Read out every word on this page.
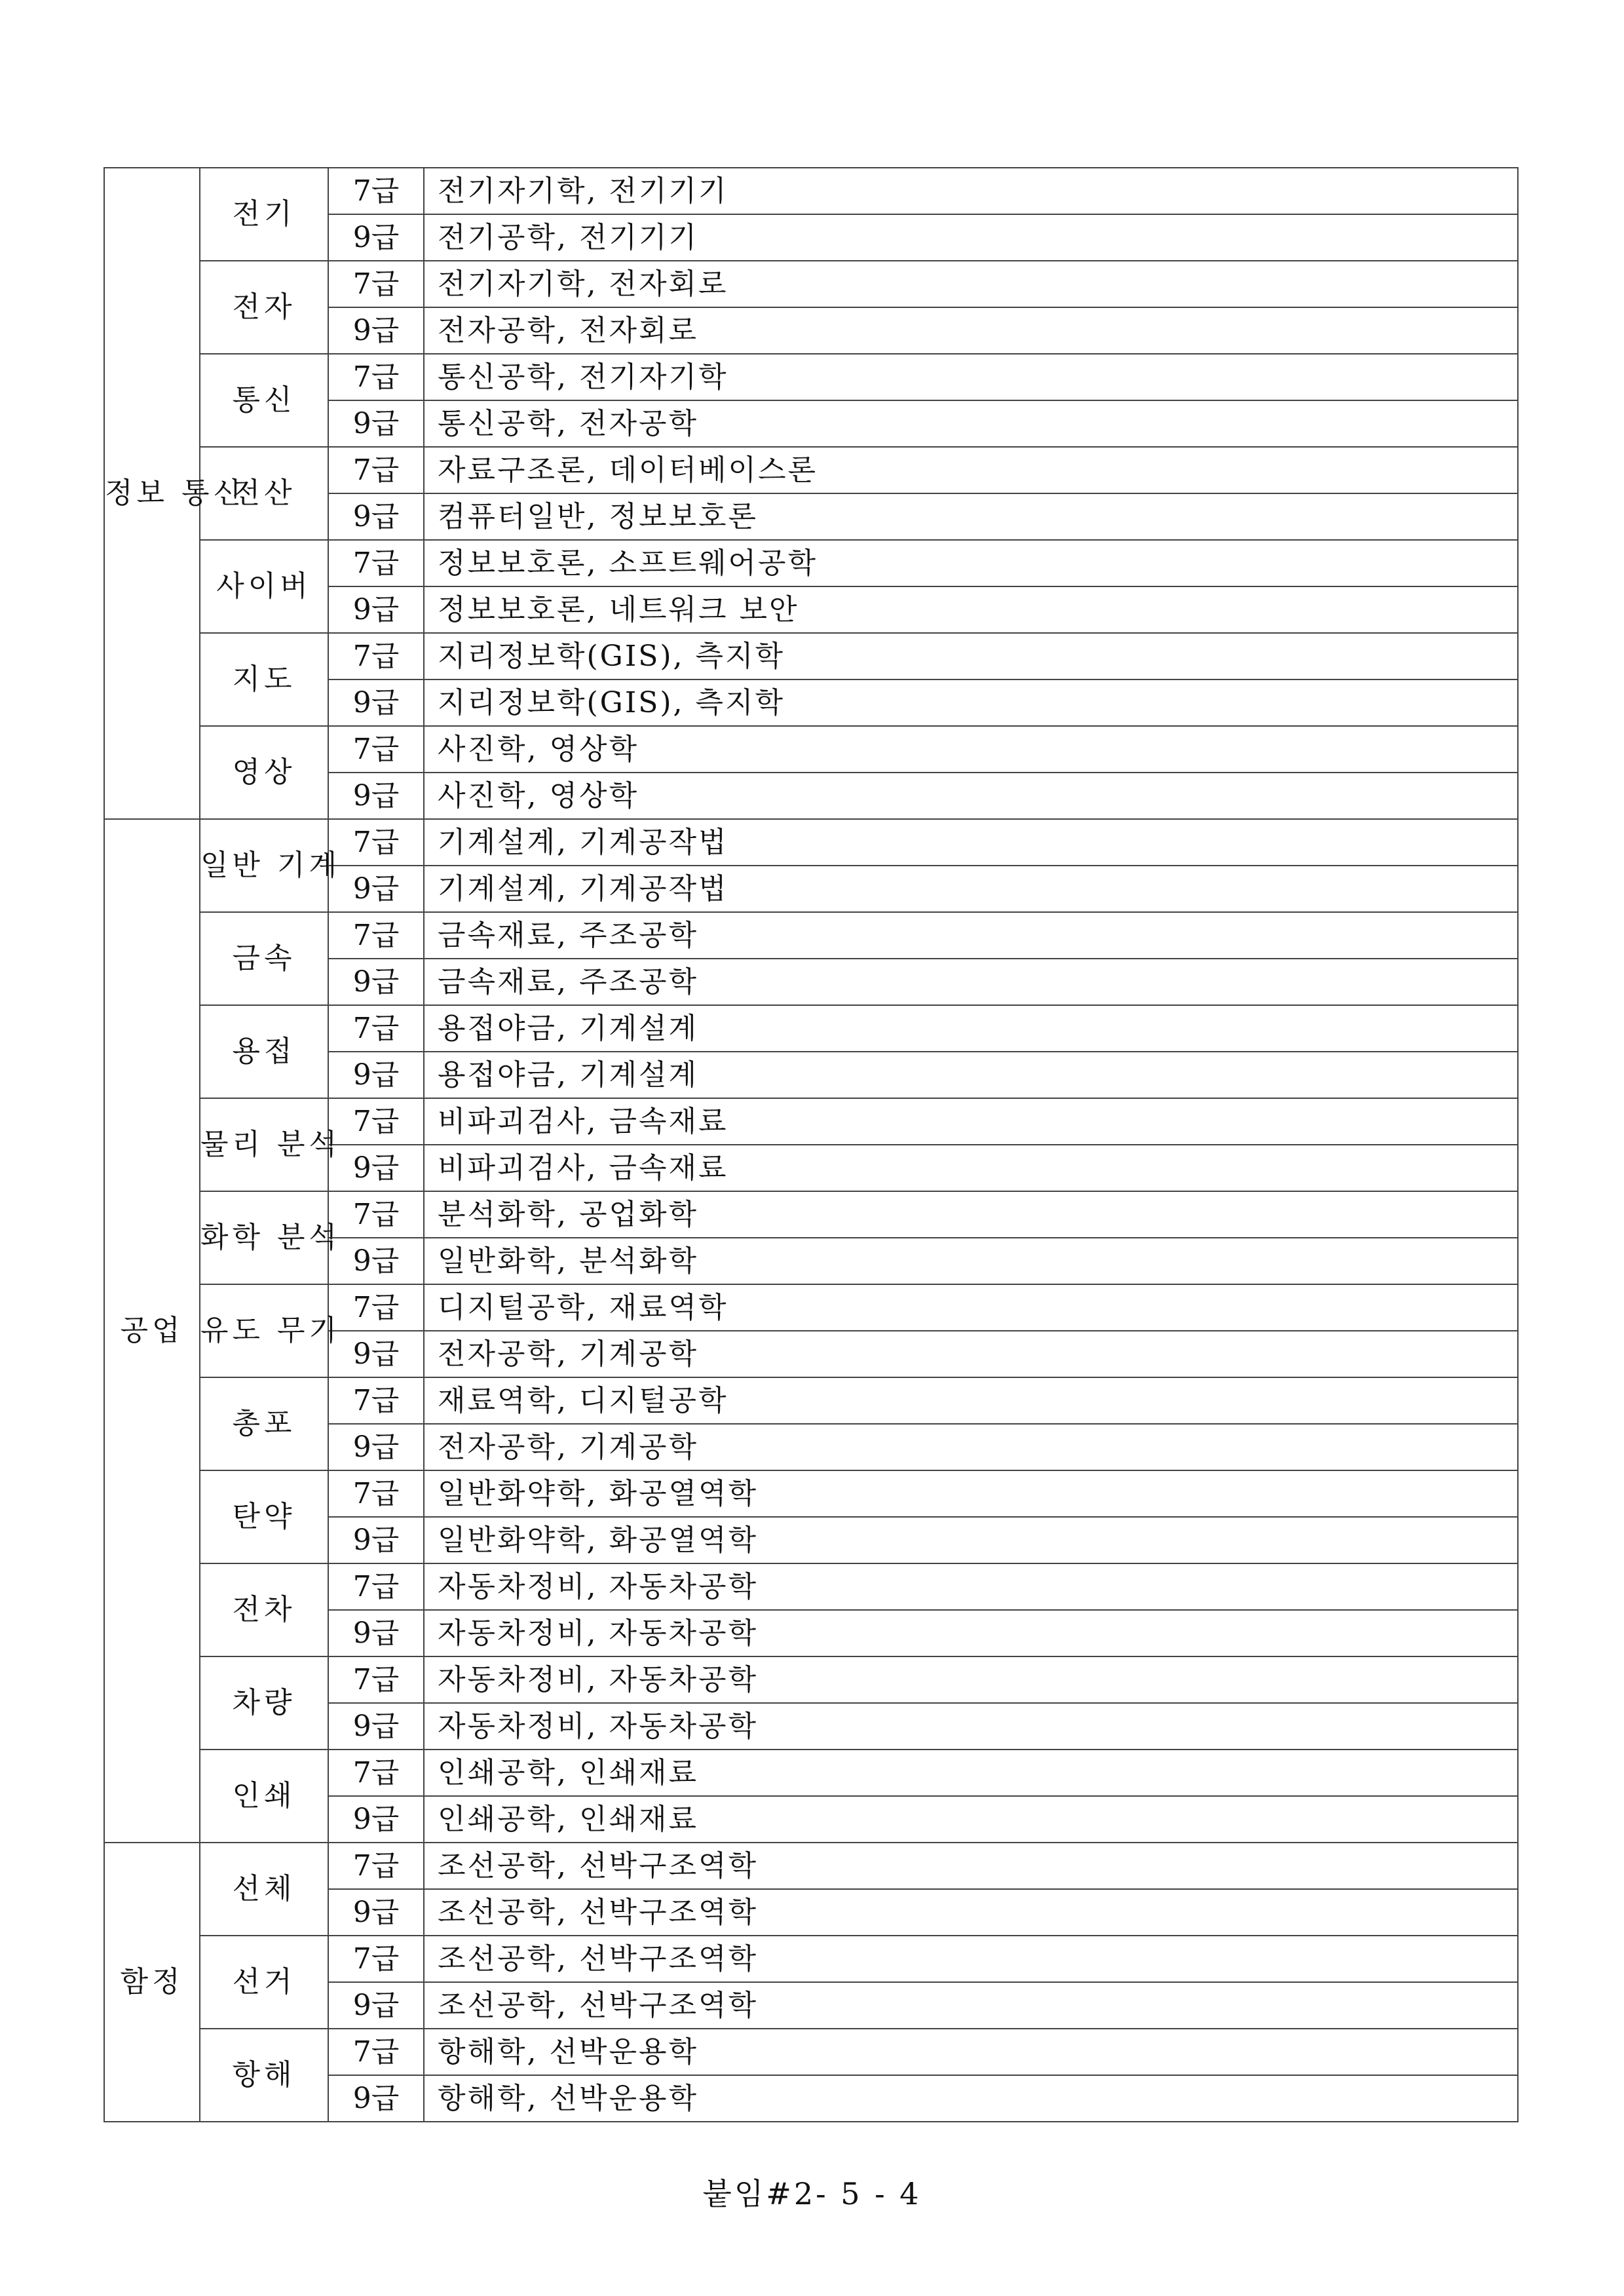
정보 통신	전기	7급	전기자기학, 전기기기
		9급	전기공학, 전기기기
	전자	7급	전기자기학, 전자회로
		9급	전자공학, 전자회로
	통신	7급	통신공학, 전기자기학
		9급	통신공학, 전자공학
	전산	7급	자료구조론, 데이터베이스론
		9급	컴퓨터일반, 정보보호론
	사이버	7급	정보보호론, 소프트웨어공학
		9급	정보보호론, 네트워크 보안
	지도	7급	지리정보학(GIS), 측지학
		9급	지리정보학(GIS), 측지학
	영상	7급	사진학, 영상학
		9급	사진학, 영상학
공업	일반 기계	7급	기계설계, 기계공작법
		9급	기계설계, 기계공작법
	금속	7급	금속재료, 주조공학
		9급	금속재료, 주조공학
	용접	7급	용접야금, 기계설계
		9급	용접야금, 기계설계
	물리 분석	7급	비파괴검사, 금속재료
		9급	비파괴검사, 금속재료
	화학 분석	7급	분석화학, 공업화학
		9급	일반화학, 분석화학
	유도 무기	7급	디지털공학, 재료역학
		9급	전자공학, 기계공학
	총포	7급	재료역학, 디지털공학
		9급	전자공학, 기계공학
	탄약	7급	일반화약학, 화공열역학
		9급	일반화약학, 화공열역학
	전차	7급	자동차정비, 자동차공학
		9급	자동차정비, 자동차공학
	차량	7급	자동차정비, 자동차공학
		9급	자동차정비, 자동차공학
	인쇄	7급	인쇄공학, 인쇄재료
		9급	인쇄공학, 인쇄재료
함정	선체	7급	조선공학, 선박구조역학
		9급	조선공학, 선박구조역학
	선거	7급	조선공학, 선박구조역학
		9급	조선공학, 선박구조역학
	항해	7급	항해학, 선박운용학
		9급	항해학, 선박운용학
붙임#2- 5 - 4
